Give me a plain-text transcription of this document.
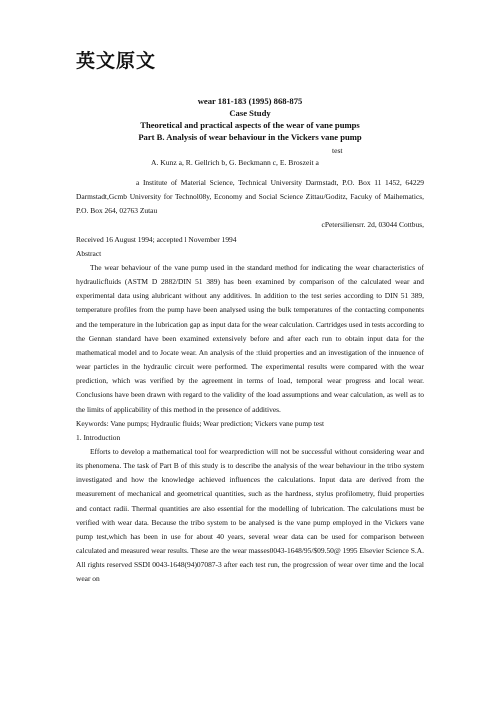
英文原文
wear 181-183 (1995) 868-875
Case Study
Theoretical and practical aspects of the wear of vane pumps
Part B. Analysis of wear behaviour in the Vickers vane pump
test
A. Kunz a, R. Gellrich b, G. Beckmann c, E. Broszeit a

a Institute of Material Science, Technical University Darmstadt, P.O. Box 11 1452, 64229 Darmstadt,Gcmb University for Technol08y, Economy and Social Science Zittau/Goditz, Facuky of Maihematics, P.O. Box 264, 02763 Zutau

cPetersiliensrr. 2d, 03044 Cottbus,

Received 16 August 1994; accepted l November 1994

Abstract

The wear behaviour of the vane pump used in the standard method for indicating the wear characteristics of hydraulicfluids (ASTM D 2882/DIN 51 389) has been examined by comparison of the calculated wear and experimental data using alubricant without any additives. In addition to the test series according to DIN 51 389, temperature profiles from the pump have been analysed using the bulk temperatures of the contacting components and the temperature in the lubrication gap as input data for the wear calculation. Cartridges used in tests according to the Gennan standard have been examined extensively before and after each run to obtain input data for the mathematical model and to Jocate wear. An analysis of the :tluid properties and an investigation of the innuence of wear particles in the hydraulic circuit were performed. The experimental results were compared with the wear prediction, which was verified by the agreement in terms of load, temporal wear progress and local wear. Conclusions have been drawn with regard to the validity of the load assumptions and wear calculation, as well as to the limits of applicability of this method in the presence of additives.

Keywords: Vane pumps; Hydraulic fluids; Wear prediction; Vickers vane pump test

1. Introduction

Efforts to develop a mathematical tool for wearprediction will not be successful without considering wear and its phenomena. The task of Part B of this study is to describe the analysis of the wear behaviour in the tribo system investigated and how the knowledge achieved influences the calculations. Input data are derived from the measurement of mechanical and geometrical quantities, such as the hardness, stylus profilometry, fluid properties and contact radii. Thermal quantities are also essential for the modelling of lubrication. The calculations must be verified with wear data. Because the tribo system to be analysed is the vane pump employed in the Vickers vane pump test,which has been in use for about 40 years, several wear data can be used for comparison between calculated and measured wear results. These are the wear masses0043-1648/95/$09.50@ 1995 Elsevier Science S.A. All rights reserved SSDI 0043-1648(94)07087-3 after each test run, the progrcssion of wear over time and the local wear on
